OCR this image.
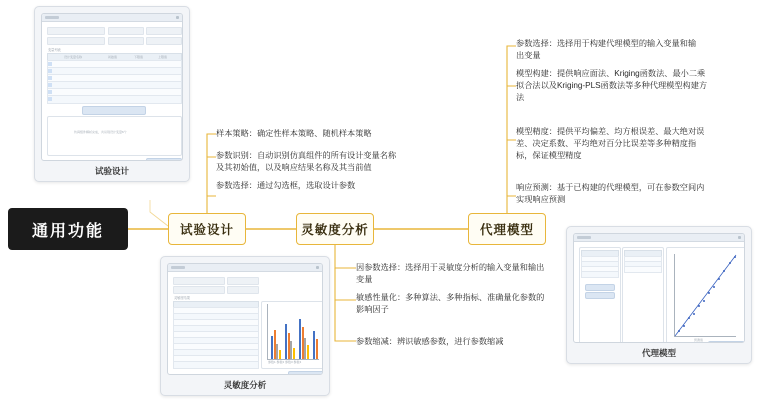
通用功能	试验设计	灵敏度分析	代理模型
样本策略：确定性样本策略、随机样本策略
参数识别：自动识别仿真组件的所有设计变量名称及其初始值，以及响应结果名称及其当前值
参数选择：通过勾选框，选取设计参数
因参数选择：选择用于灵敏度分析的输入变量和输出变量
敏感性量化：多种算法、多种指标、准确量化参数的影响因子
参数缩减：辨识敏感参数，进行参数缩减
参数选择：选择用于构建代理模型的输入变量和输出变量
模型构建：提供响应面法、Kriging函数法、最小二乘拟合法以及Kriging-PLS函数法等多种代理模型构建方法
模型精度：提供平均偏差、均方根误差、最大绝对误差、决定系数、平均绝对百分比误差等多种精度指标，保证模型精度
响应预测：基于已构建的代理模型，可在参数空间内实现响应预测
变量列表
设计变量名称	初始值	下限值	上限值
仿真组件解析完成，共识别设计变量6个
试验设计
灵敏度结果
参数1 参数2 参数3 参数4
灵敏度分析
预测值
代理模型
